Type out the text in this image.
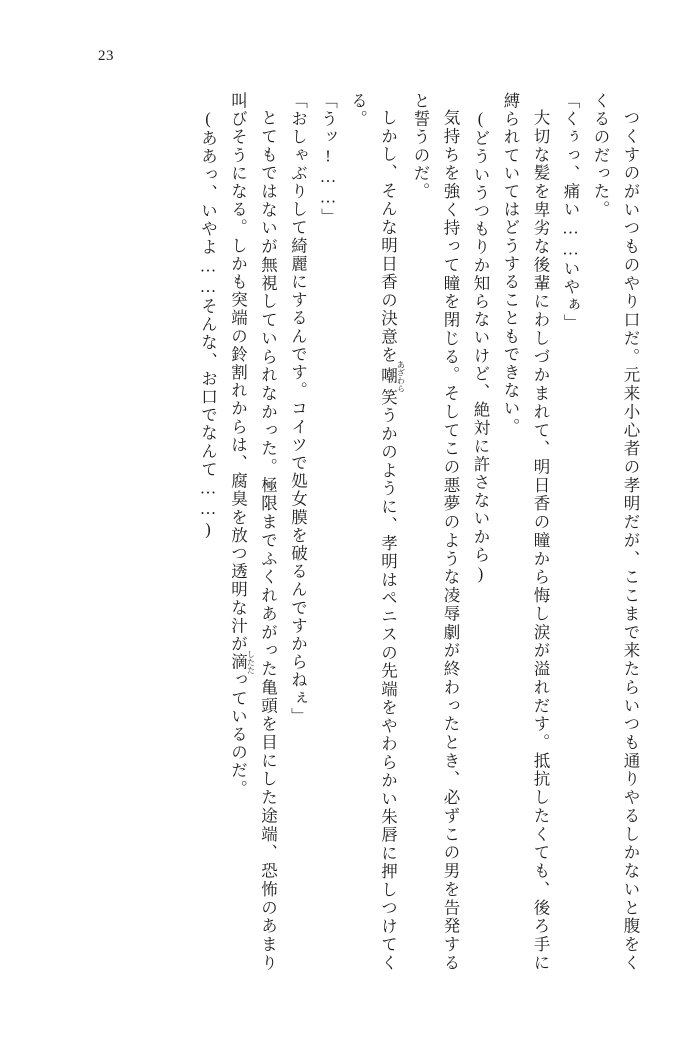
23

つくすのがいつものやり口だ。元来小心者の孝明だが、ここまで来たらいつも通りやるしかないと腹をくくるのだった。

「くぅっ、痛い……いやぁ」

大切な髪を卑劣な後輩にわしづかまれて、明日香の瞳から悔し涙が溢れだす。抵抗したくても、後ろ手に縛られていてはどうすることもできない。

(どういうつもりか知らないけど、絶対に許さないから)

気持ちを強く持って瞳を閉じる。そしてこの悪夢のような凌辱劇が終わったとき、必ずこの男を告発すると誓うのだ。

しかし、そんな明日香の決意を嘲 あざわら笑うかのように、孝明はペニスの先端をやわらかい朱唇に押しつけてくる。

「うッ!……」

「おしゃぶりして綺麗にするんです。コイツで処女膜を破るんですからねぇ」

とてもではないが無視していられなかった。極限までふくれあがった亀頭を目にした途端、恐怖のあまり叫びそうになる。しかも突端の鈴割れからは、腐臭を放つ透明な汁が滴 したたっているのだ。

(ああっ、いやよ……そんな、お口でなんて……)
